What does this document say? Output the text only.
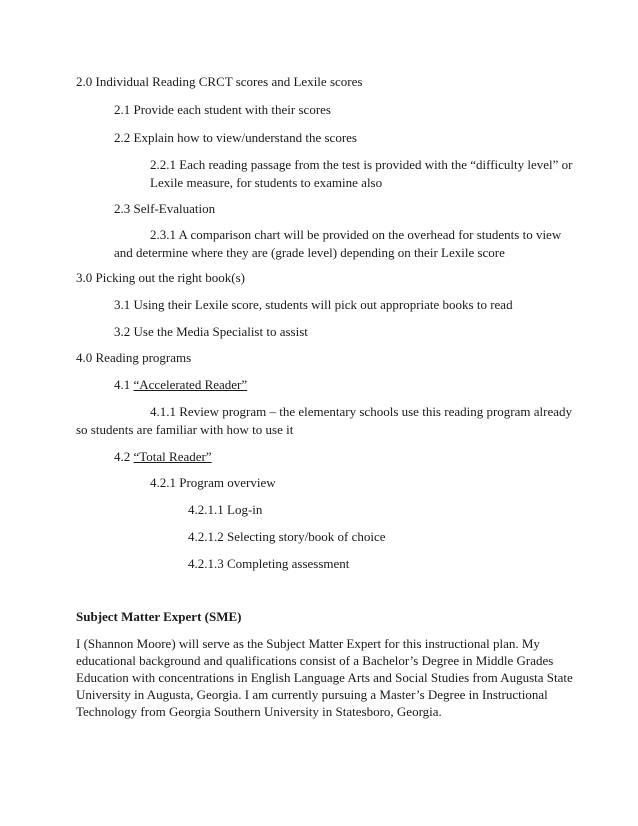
2.0 Individual Reading CRCT scores and Lexile scores
2.1 Provide each student with their scores
2.2 Explain how to view/understand the scores
2.2.1 Each reading passage from the test is provided with the “difficulty level” or
Lexile measure, for students to examine also
2.3 Self-Evaluation
2.3.1 A comparison chart will be provided on the overhead for students to view
and determine where they are (grade level) depending on their Lexile score
3.0 Picking out the right book(s)
3.1 Using their Lexile score, students will pick out appropriate books to read
3.2 Use the Media Specialist to assist
4.0 Reading programs
4.1 “Accelerated Reader”
4.1.1 Review program – the elementary schools use this reading program already
so students are familiar with how to use it
4.2 “Total Reader”
4.2.1 Program overview
4.2.1.1 Log-in
4.2.1.2 Selecting story/book of choice
4.2.1.3 Completing assessment
Subject Matter Expert (SME)
I (Shannon Moore) will serve as the Subject Matter Expert for this instructional plan. My
educational background and qualifications consist of a Bachelor’s Degree in Middle Grades
Education with concentrations in English Language Arts and Social Studies from Augusta State
University in Augusta, Georgia. I am currently pursuing a Master’s Degree in Instructional
Technology from Georgia Southern University in Statesboro, Georgia.
